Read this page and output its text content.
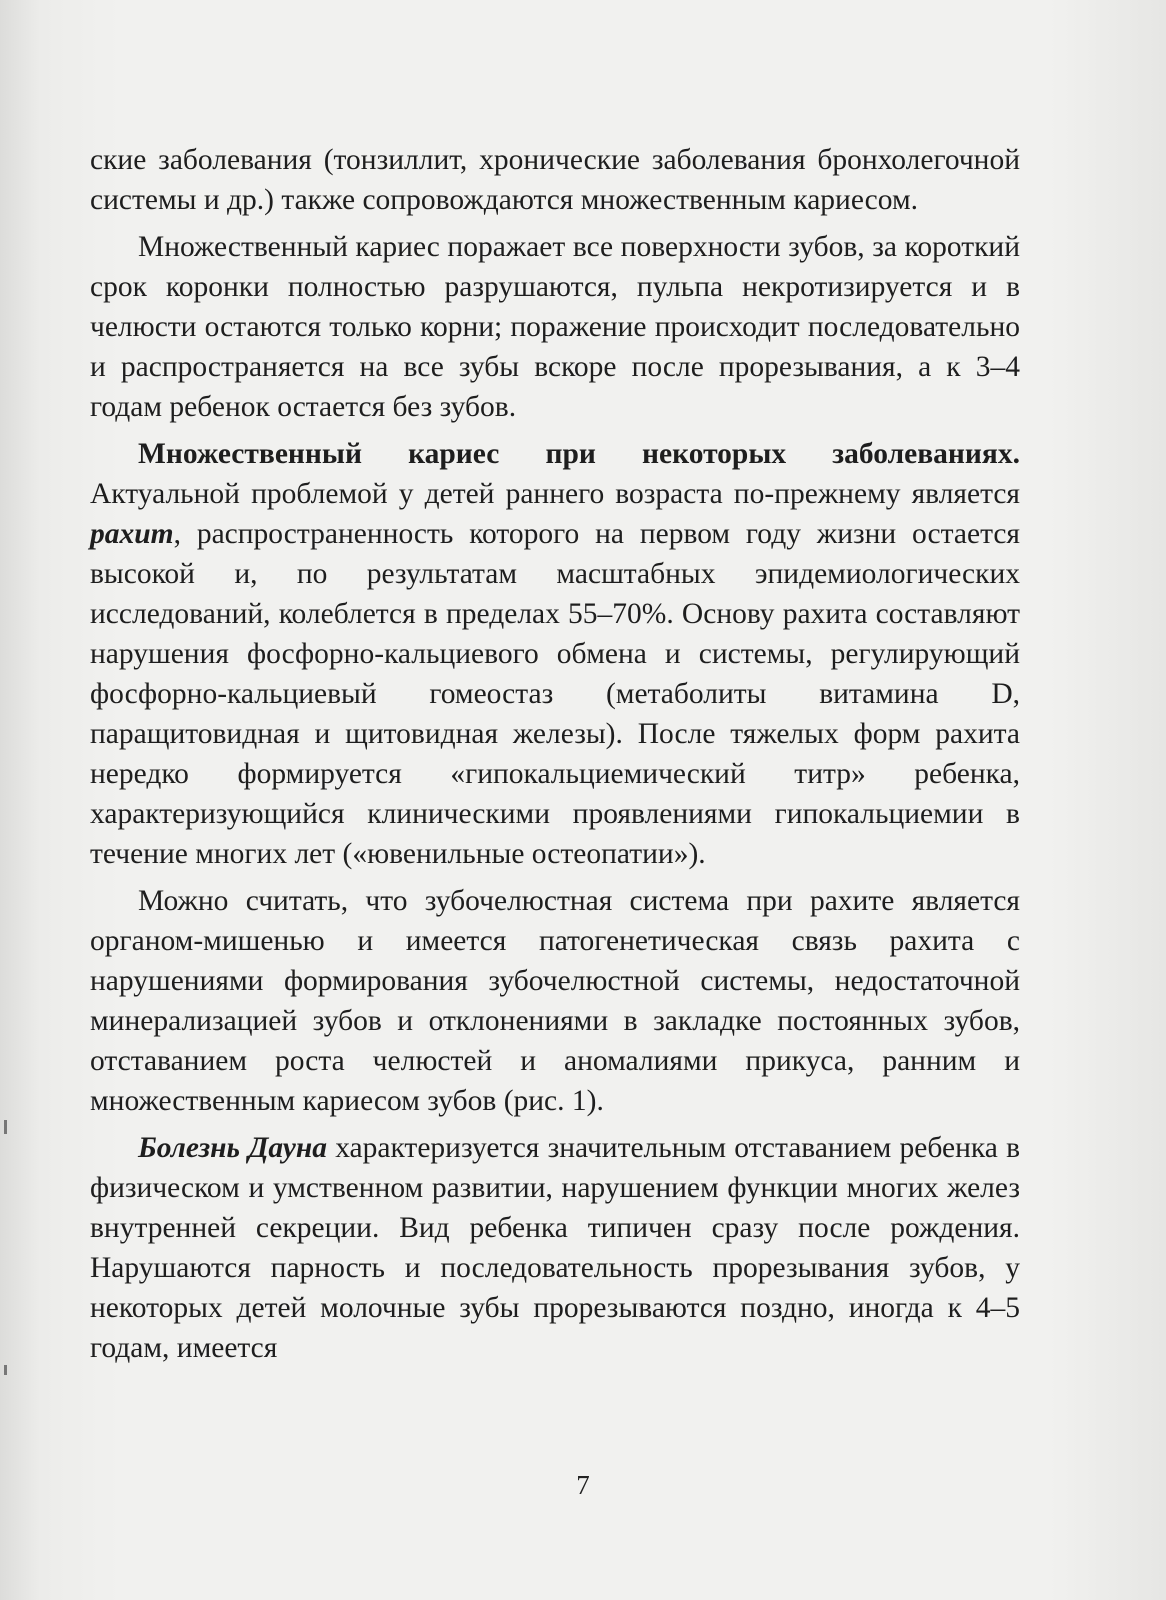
ские заболевания (тонзиллит, хронические заболевания бронхолегочной системы и др.) также сопровождаются множественным кариесом.

Множественный кариес поражает все поверхности зубов, за короткий срок коронки полностью разрушаются, пульпа некротизируется и в челюсти остаются только корни; поражение происходит последовательно и распространяется на все зубы вскоре после прорезывания, а к 3–4 годам ребенок остается без зубов.

Множественный кариес при некоторых заболеваниях. Актуальной проблемой у детей раннего возраста по-прежнему является рахит, распространенность которого на первом году жизни остается высокой и, по результатам масштабных эпидемиологических исследований, колеблется в пределах 55–70%. Основу рахита составляют нарушения фосфорно-кальциевого обмена и системы, регулирующий фосфорно-кальциевый гомеостаз (метаболиты витамина D, паращитовидная и щитовидная железы). После тяжелых форм рахита нередко формируется «гипокальциемический титр» ребенка, характеризующийся клиническими проявлениями гипокальциемии в течение многих лет («ювенильные остеопатии»).

Можно считать, что зубочелюстная система при рахите является органом-мишенью и имеется патогенетическая связь рахита с нарушениями формирования зубочелюстной системы, недостаточной минерализацией зубов и отклонениями в закладке постоянных зубов, отставанием роста челюстей и аномалиями прикуса, ранним и множественным кариесом зубов (рис. 1).

Болезнь Дауна характеризуется значительным отставанием ребенка в физическом и умственном развитии, нарушением функции многих желез внутренней секреции. Вид ребенка типичен сразу после рождения. Нарушаются парность и последовательность прорезывания зубов, у некоторых детей молочные зубы прорезываются поздно, иногда к 4–5 годам, имеется

7
